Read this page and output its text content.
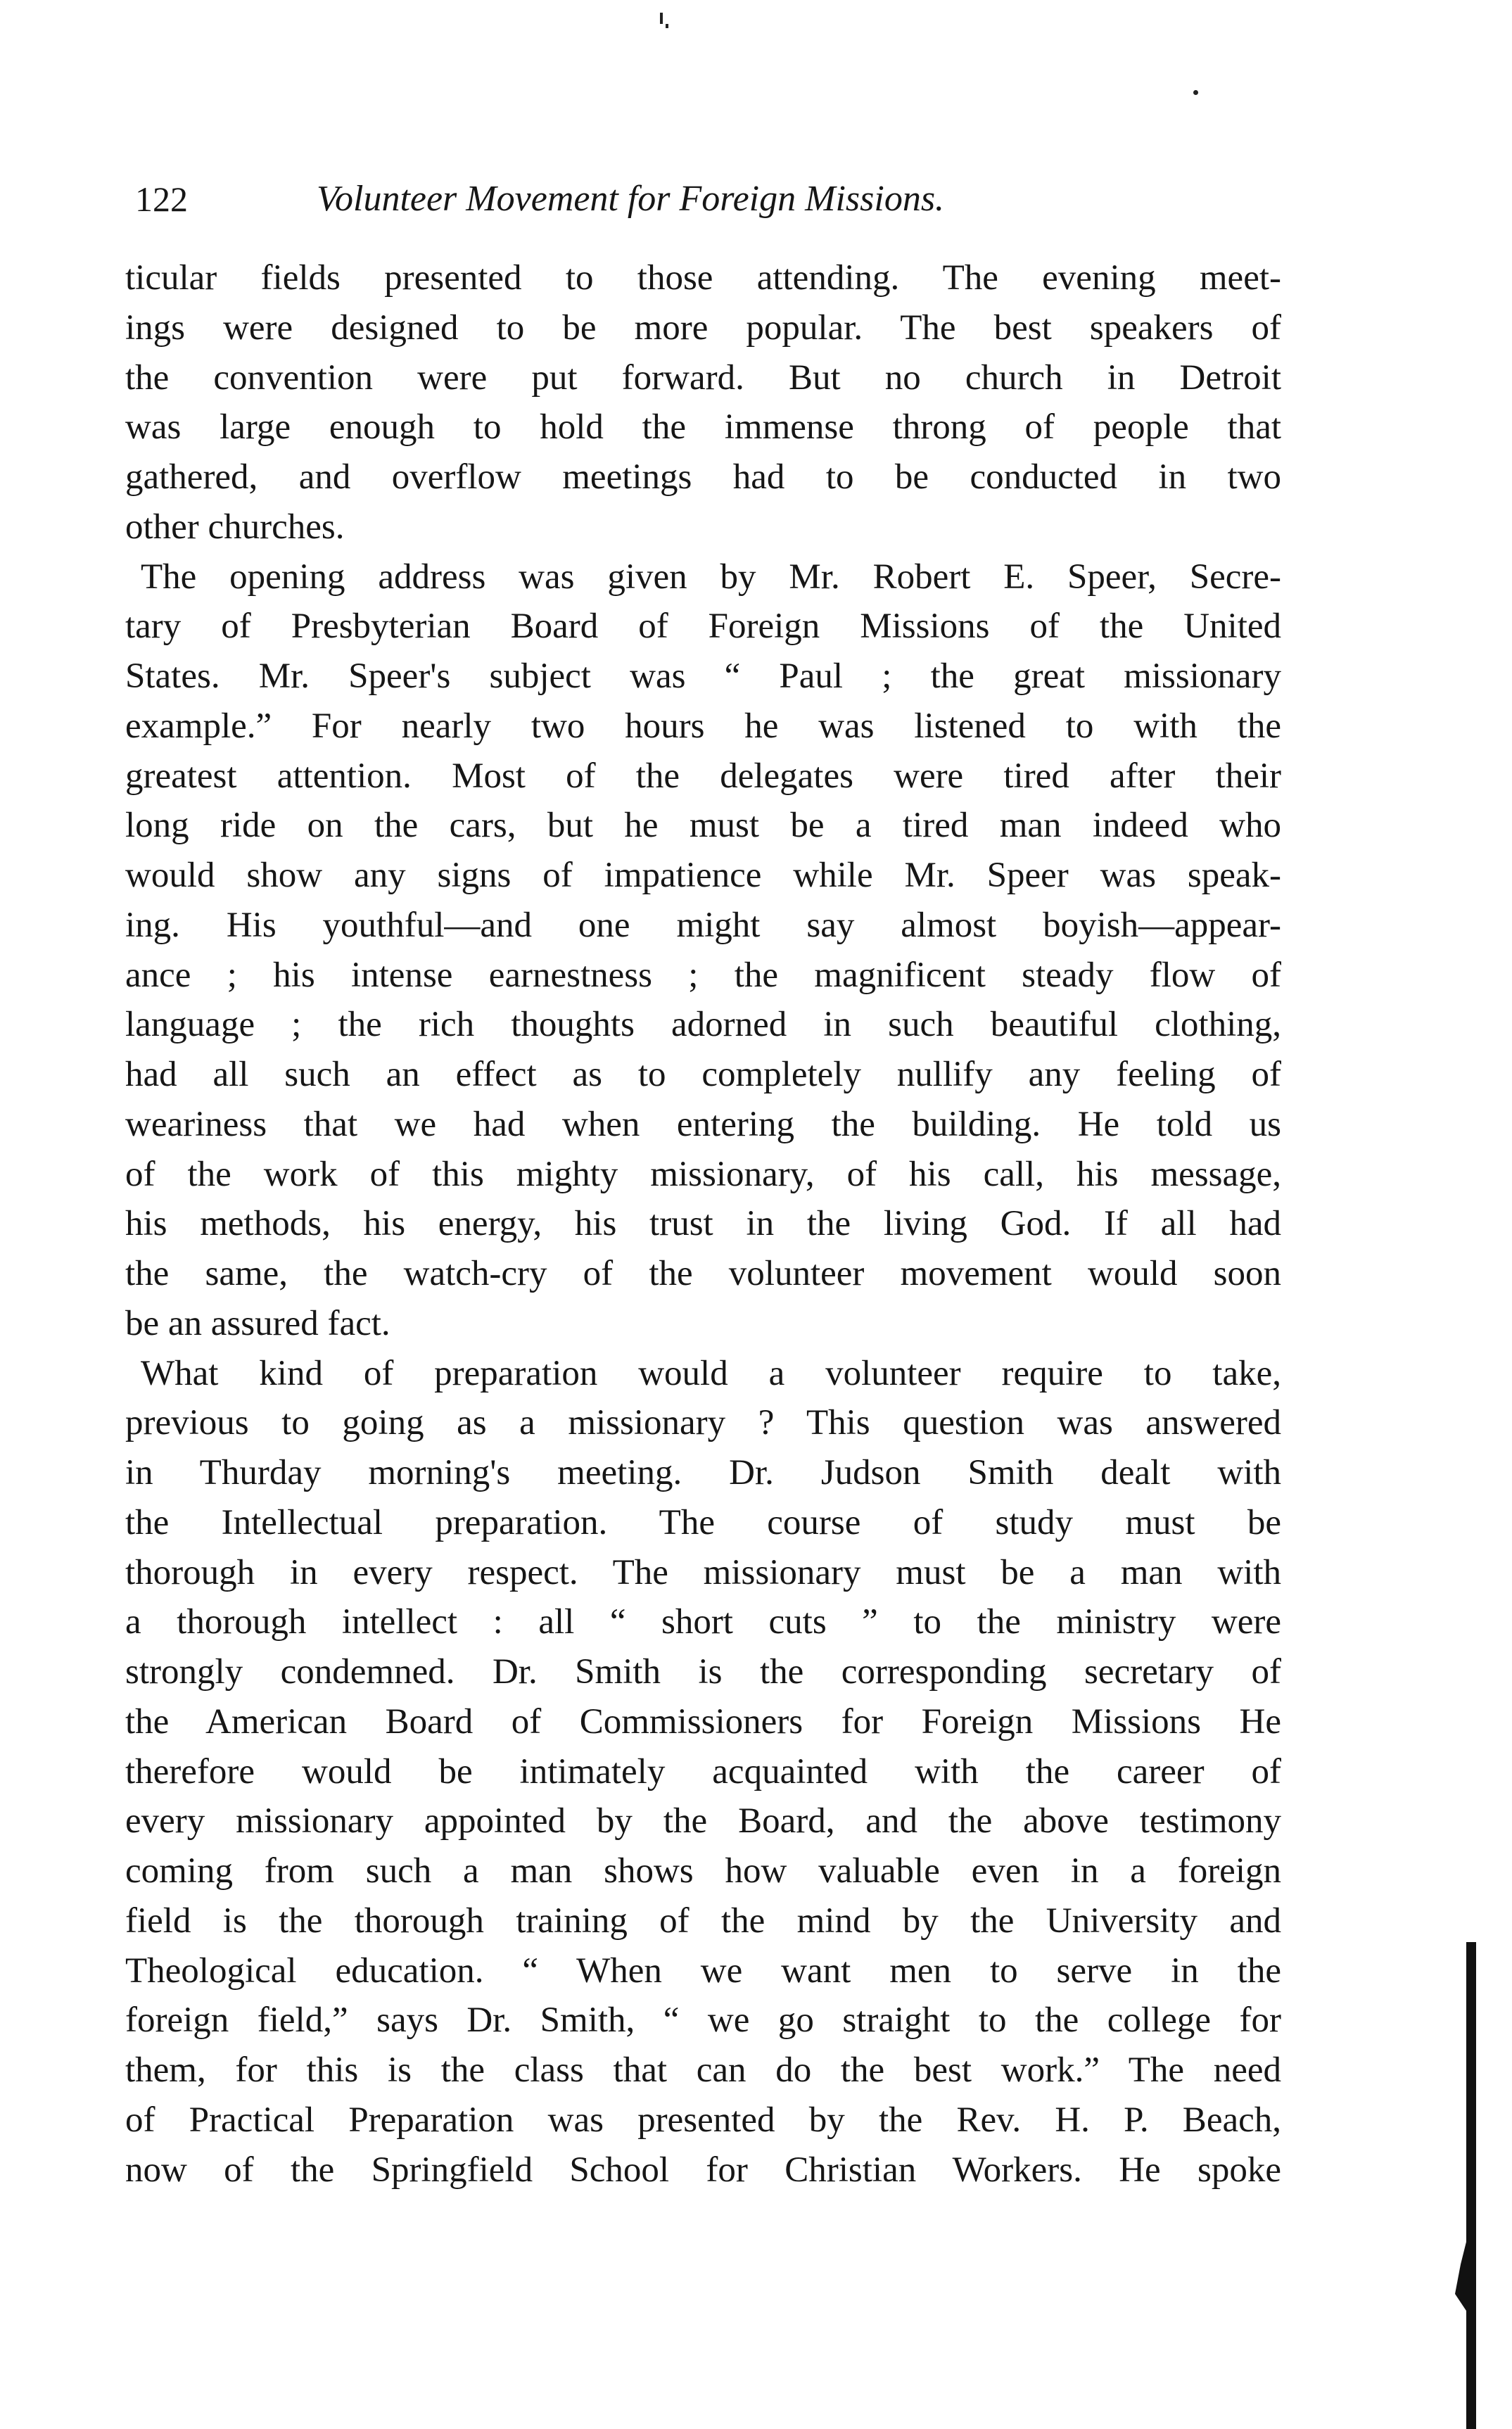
122	Volunteer Movement for Foreign Missions.
ticular fields presented to those attending. The evening meet-
ings were designed to be more popular. The best speakers of
the convention were put forward. But no church in Detroit
was large enough to hold the immense throng of people that
gathered, and overflow meetings had to be conducted in two
other churches.
The opening address was given by Mr. Robert E. Speer, Secre-
tary of Presbyterian Board of Foreign Missions of the United
States. Mr. Speer's subject was “ Paul ; the great missionary
example.” For nearly two hours he was listened to with the
greatest attention. Most of the delegates were tired after their
long ride on the cars, but he must be a tired man indeed who
would show any signs of impatience while Mr. Speer was speak-
ing. His youthful—and one might say almost boyish—appear-
ance ; his intense earnestness ; the magnificent steady flow of
language ; the rich thoughts adorned in such beautiful clothing,
had all such an effect as to completely nullify any feeling of
weariness that we had when entering the building. He told us
of the work of this mighty missionary, of his call, his message,
his methods, his energy, his trust in the living God. If all had
the same, the watch-cry of the volunteer movement would soon
be an assured fact.
What kind of preparation would a volunteer require to take,
previous to going as a missionary ? This question was answered
in Thurday morning's meeting. Dr. Judson Smith dealt with
the Intellectual preparation. The course of study must be
thorough in every respect. The missionary must be a man with
a thorough intellect : all “ short cuts ” to the ministry were
strongly condemned. Dr. Smith is the corresponding secretary of
the American Board of Commissioners for Foreign Missions He
therefore would be intimately acquainted with the career of
every missionary appointed by the Board, and the above testimony
coming from such a man shows how valuable even in a foreign
field is the thorough training of the mind by the University and
Theological education. “ When we want men to serve in the
foreign field,” says Dr. Smith, “ we go straight to the college for
them, for this is the class that can do the best work.” The need
of Practical Preparation was presented by the Rev. H. P. Beach,
now of the Springfield School for Christian Workers. He spoke
